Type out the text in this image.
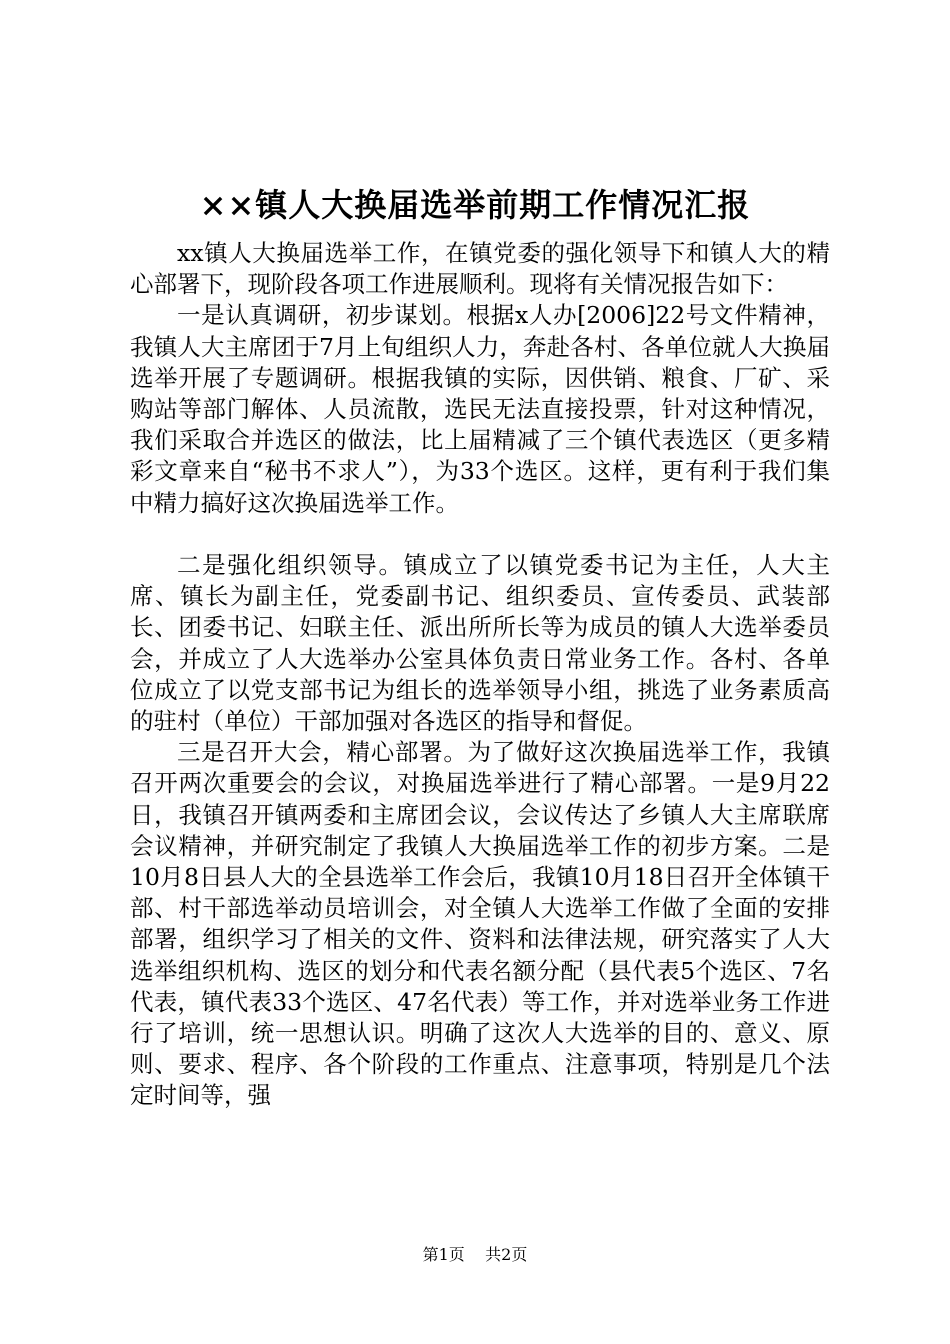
××镇人大换届选举前期工作情况汇报

xx镇人大换届选举工作，在镇党委的强化领导下和镇人大的精心部署下，现阶段各项工作进展顺利。现将有关情况报告如下：

一是认真调研，初步谋划。根据x人办[2006]22号文件精神，我镇人大主席团于7月上旬组织人力，奔赴各村、各单位就人大换届选举开展了专题调研。根据我镇的实际，因供销、粮食、厂矿、采购站等部门解体、人员流散，选民无法直接投票，针对这种情况，我们采取合并选区的做法，比上届精减了三个镇代表选区（更多精彩文章来自“秘书不求人”），为33个选区。这样，更有利于我们集中精力搞好这次换届选举工作。

二是强化组织领导。镇成立了以镇党委书记为主任，人大主席、镇长为副主任，党委副书记、组织委员、宣传委员、武装部长、团委书记、妇联主任、派出所所长等为成员的镇人大选举委员会，并成立了人大选举办公室具体负责日常业务工作。各村、各单位成立了以党支部书记为组长的选举领导小组，挑选了业务素质高的驻村（单位）干部加强对各选区的指导和督促。

三是召开大会，精心部署。为了做好这次换届选举工作，我镇召开两次重要会的会议，对换届选举进行了精心部署。一是9月22日，我镇召开镇两委和主席团会议，会议传达了乡镇人大主席联席会议精神，并研究制定了我镇人大换届选举工作的初步方案。二是10月8日县人大的全县选举工作会后，我镇10月18日召开全体镇干部、村干部选举动员培训会，对全镇人大选举工作做了全面的安排部署，组织学习了相关的文件、资料和法律法规，研究落实了人大选举组织机构、选区的划分和代表名额分配（县代表5个选区、7名代表，镇代表33个选区、47名代表）等工作，并对选举业务工作进行了培训，统一思想认识。明确了这次人大选举的目的、意义、原则、要求、程序、各个阶段的工作重点、注意事项，特别是几个法定时间等，强

第1页 共2页
